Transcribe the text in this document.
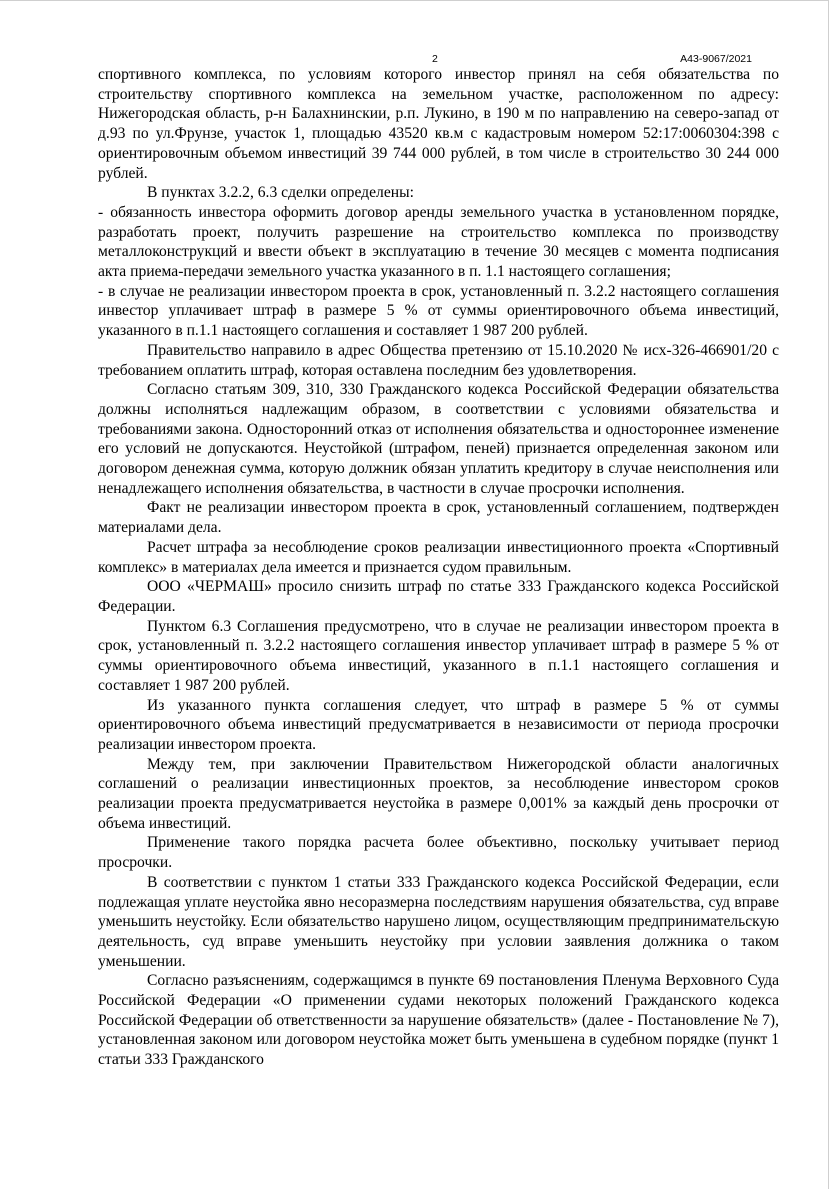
2	А43-9067/2021

спортивного комплекса, по условиям которого инвестор принял на себя обязательства по строительству спортивного комплекса на земельном участке, расположенном по адресу: Нижегородская область, р-н Балахнинскии, р.п. Лукино, в 190 м по направлению на северо-запад от д.93 по ул.Фрунзе, участок 1, площадью 43520 кв.м с кадастровым номером 52:17:0060304:398 с ориентировочным объемом инвестиций 39 744 000 рублей, в том числе в строительство 30 244 000 рублей.

В пунктах 3.2.2, 6.3 сделки определены:

- обязанность инвестора оформить договор аренды земельного участка в установленном порядке, разработать проект, получить разрешение на строительство комплекса по производству металлоконструкций и ввести объект в эксплуатацию в течение 30 месяцев с момента подписания акта приема-передачи земельного участка указанного в п. 1.1 настоящего соглашения;

- в случае не реализации инвестором проекта в срок, установленный п. 3.2.2 настоящего соглашения инвестор уплачивает штраф в размере 5 % от суммы ориентировочного объема инвестиций, указанного в п.1.1 настоящего соглашения и составляет 1 987 200 рублей.

Правительство направило в адрес Общества претензию от 15.10.2020 № исх-326-466901/20 с требованием оплатить штраф, которая оставлена последним без удовлетворения.

Согласно статьям 309, 310, 330 Гражданского кодекса Российской Федерации обязательства должны исполняться надлежащим образом, в соответствии с условиями обязательства и требованиями закона. Односторонний отказ от исполнения обязательства и одностороннее изменение его условий не допускаются. Неустойкой (штрафом, пеней) признается определенная законом или договором денежная сумма, которую должник обязан уплатить кредитору в случае неисполнения или ненадлежащего исполнения обязательства, в частности в случае просрочки исполнения.

Факт не реализации инвестором проекта в срок, установленный соглашением, подтвержден материалами дела.

Расчет штрафа за несоблюдение сроков реализации инвестиционного проекта «Спортивный комплекс» в материалах дела имеется и признается судом правильным.

ООО «ЧЕРМАШ» просило снизить штраф по статье 333 Гражданского кодекса Российской Федерации.

Пунктом 6.3 Соглашения предусмотрено, что в случае не реализации инвестором проекта в срок, установленный п. 3.2.2 настоящего соглашения инвестор уплачивает штраф в размере 5 % от суммы ориентировочного объема инвестиций, указанного в п.1.1 настоящего соглашения и составляет 1 987 200 рублей.

Из указанного пункта соглашения следует, что штраф в размере 5 % от суммы ориентировочного объема инвестиций предусматривается в независимости от периода просрочки реализации инвестором проекта.

Между тем, при заключении Правительством Нижегородской области аналогичных соглашений о реализации инвестиционных проектов, за несоблюдение инвестором сроков реализации проекта предусматривается неустойка в размере 0,001% за каждый день просрочки от объема инвестиций.

Применение такого порядка расчета более объективно, поскольку учитывает период просрочки.

В соответствии с пунктом 1 статьи 333 Гражданского кодекса Российской Федерации, если подлежащая уплате неустойка явно несоразмерна последствиям нарушения обязательства, суд вправе уменьшить неустойку. Если обязательство нарушено лицом, осуществляющим предпринимательскую деятельность, суд вправе уменьшить неустойку при условии заявления должника о таком уменьшении.

Согласно разъяснениям, содержащимся в пункте 69 постановления Пленума Верховного Суда Российской Федерации «О применении судами некоторых положений Гражданского кодекса Российской Федерации об ответственности за нарушение обязательств» (далее - Постановление № 7), установленная законом или договором неустойка может быть уменьшена в судебном порядке (пункт 1 статьи 333 Гражданского
